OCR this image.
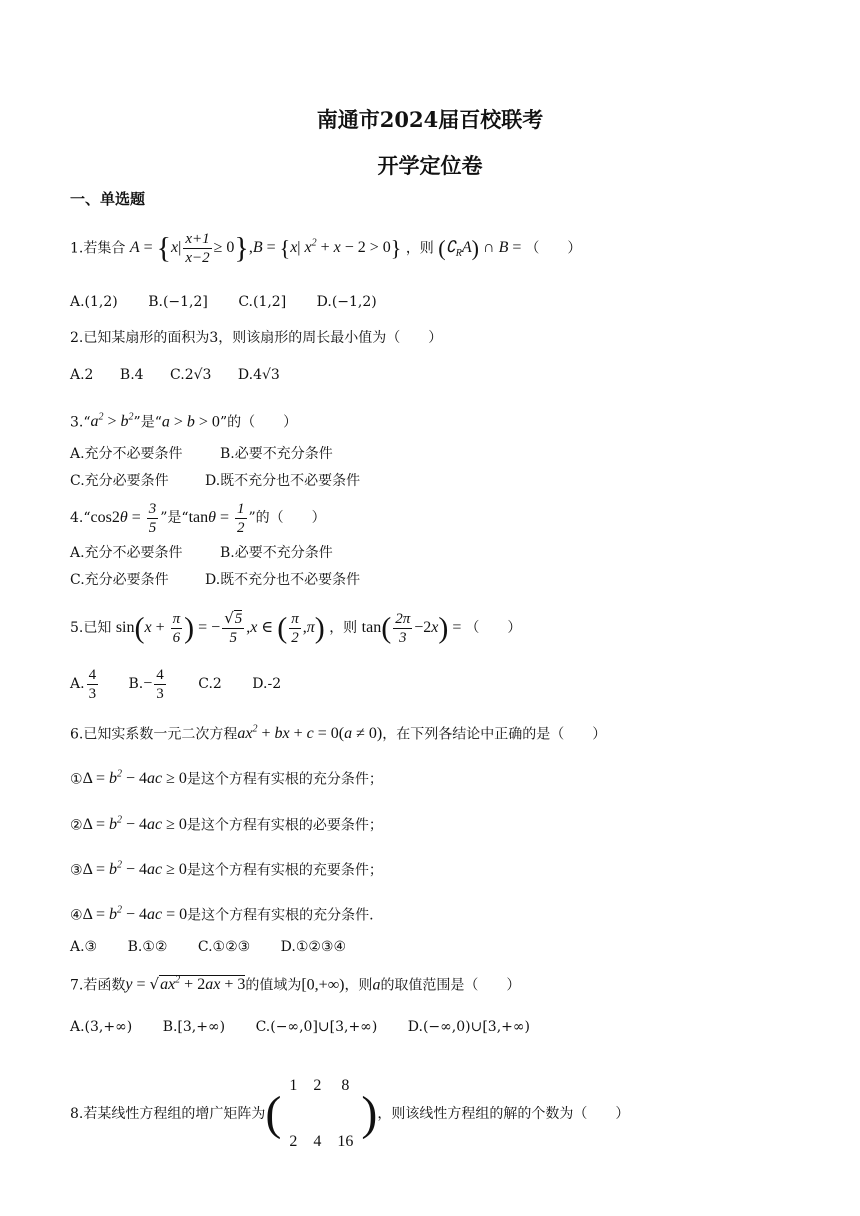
南通市2024届百校联考
开学定位卷
一、单选题
1.若集合 $A = \{x| \frac{x+1}{x-2} \ge 0\},B = \{x|$ $x^2 + x - 2 > 0$} ，则 $(∁_RA)$ ∩ B = （　　）
A.(1,2) B.(−1,2] C.(1,2] D.(−1,2)
2.已知某扇形的面积为3，则该扇形的周长最小值为（　　）
A.2 B.4 C.2√3 D.4√3
$3.“a^2 > b^2$”是“a > b > 0”的（　　）
A.充分不必要条件	B.必要不充分条件
C.充分必要条件	D.既不充分也不必要条件
4.“cos2θ = $\frac{3}{5}$ ”是“$\tan\theta = \frac{1}{2}$ ”的（　　）
A.充分不必要条件	B.必要不充分条件
C.充分必要条件	D.既不充分也不必要条件
5.已知 $\sin(x + \frac{\pi}{6}$ ) = − $\frac{√5}{5} ,x$ ∈ ( $\frac{\pi}{2} ,\pi$) ，则 $\tan( \frac{2\pi}{3} -2x)$ = （　　）
A. $\frac{4}{3} B.- \frac{4}{3} C.2$ D.-2
6.已知实系数一元二次方程$ax^2$ + bx + c = 0(a ≠ 0)，在下列各结论中正确的是（　　）
①Δ = $b^2 - 4ac \ge 0$是这个方程有实根的充分条件；
②Δ = $b^2 - 4ac \ge 0$是这个方程有实根的必要条件；
③Δ = $b^2 - 4ac \ge 0$是这个方程有实根的充要条件；
④Δ = $b^2 - 4ac = 0$是这个方程有实根的充分条件.
A.③ B.①② C.①②③ D.①②③④
7.若函数$y = √ax^2 + 2ax + 3$的值域为[0,+∞)，则a的取值范围是（　　）
A.(3,+∞) B.[3,+∞) C.(−∞,0]∪[3,+∞) D.(−∞,0)∪[3,+∞)
8.若某线性方程组的增广矩阵为(1	2	8
2	4	16)，则该线性方程组的解的个数为（　　）
